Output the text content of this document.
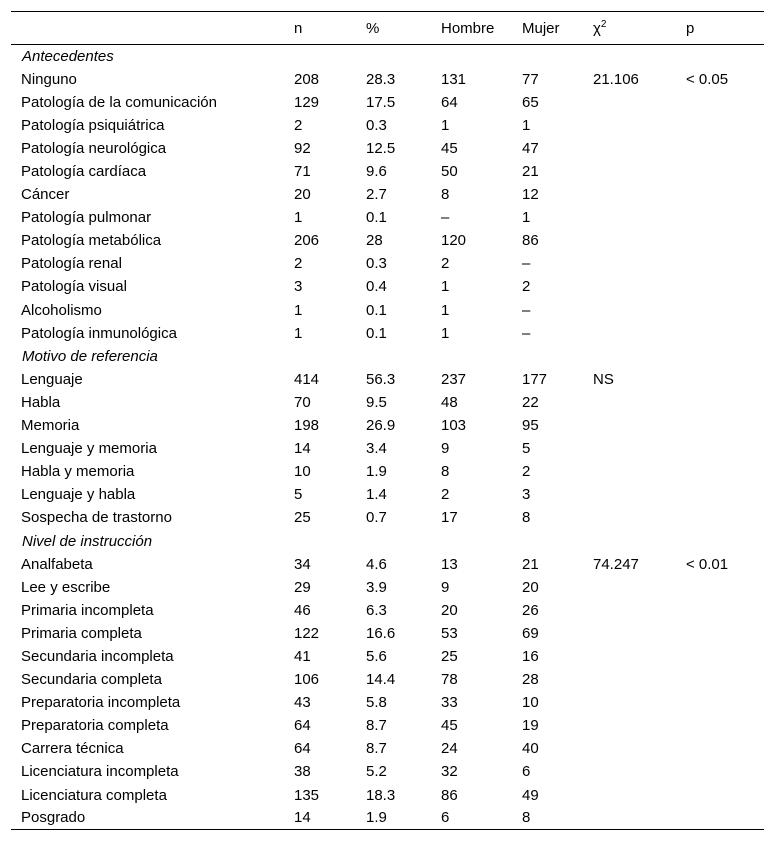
	n	%	Hombre	Mujer	$\chi^2$	p
Antecedentes						
Ninguno	208	28.3	131	77	21.106	< 0.05
Patología de la comunicación	129	17.5	64	65		
Patología psiquiátrica	2	0.3	1	1		
Patología neurológica	92	12.5	45	47		
Patología cardíaca	71	9.6	50	21		
Cáncer	20	2.7	8	12		
Patología pulmonar	1	0.1	–	1		
Patología metabólica	206	28	120	86		
Patología renal	2	0.3	2	–		
Patología visual	3	0.4	1	2		
Alcoholismo	1	0.1	1	–		
Patología inmunológica	1	0.1	1	–		
Motivo de referencia						
Lenguaje	414	56.3	237	177	NS	
Habla	70	9.5	48	22		
Memoria	198	26.9	103	95		
Lenguaje y memoria	14	3.4	9	5		
Habla y memoria	10	1.9	8	2		
Lenguaje y habla	5	1.4	2	3		
Sospecha de trastorno	25	0.7	17	8		
Nivel de instrucción						
Analfabeta	34	4.6	13	21	74.247	< 0.01
Lee y escribe	29	3.9	9	20		
Primaria incompleta	46	6.3	20	26		
Primaria completa	122	16.6	53	69		
Secundaria incompleta	41	5.6	25	16		
Secundaria completa	106	14.4	78	28		
Preparatoria incompleta	43	5.8	33	10		
Preparatoria completa	64	8.7	45	19		
Carrera técnica	64	8.7	24	40		
Licenciatura incompleta	38	5.2	32	6		
Licenciatura completa	135	18.3	86	49		
Posgrado	14	1.9	6	8		
